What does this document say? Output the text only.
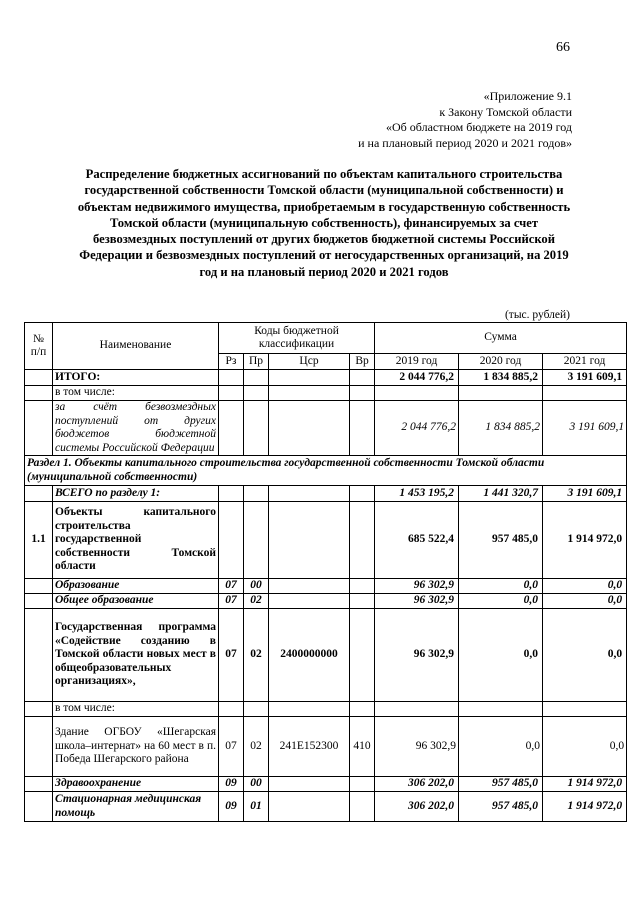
66
«Приложение 9.1
к Закону Томской области
«Об областном бюджете на 2019 год
и на плановый период 2020 и 2021 годов»
Распределение бюджетных ассигнований по объектам капитального строительства государственной собственности Томской области (муниципальной собственности) и объектам недвижимого имущества, приобретаемым в государственную собственность Томской области (муниципальную собственность), финансируемых за счет безвозмездных поступлений от других бюджетов бюджетной системы Российской Федерации и безвозмездных поступлений от негосударственных организаций, на 2019 год и на плановый период 2020 и 2021 годов
(тыс. рублей)
№ п/п	Наименование	Коды бюджетной классификации				Сумма		
		Рз	Пр	Цср	Вр	2019 год	2020 год	2021 год
	ИТОГО:					2 044 776,2	1 834 885,2	3 191 609,1
	в том числе:							
	за счёт безвозмездных поступлений от других бюджетов бюджетной системы Российской Федерации					2 044 776,2	1 834 885,2	3 191 609,1
Раздел 1. Объекты капитального строительства государственной собственности Томской области (муниципальной собственности)								
	ВСЕГО по разделу 1:					1 453 195,2	1 441 320,7	3 191 609,1
1.1	Объекты капитального строительства государственной собственности Томской области					685 522,4	957 485,0	1 914 972,0
	Образование	07	00			96 302,9	0,0	0,0
	Общее образование	07	02			96 302,9	0,0	0,0
	Государственная программа «Содействие созданию в Томской области новых мест в общеобразовательных организациях»,	07	02	2400000000		96 302,9	0,0	0,0
	в том числе:							
	Здание ОГБОУ «Шегарская школа–интернат» на 60 мест в п. Победа Шегарского района	07	02	241E152300	410	96 302,9	0,0	0,0
	Здравоохранение	09	00			306 202,0	957 485,0	1 914 972,0
	Стационарная медицинская помощь	09	01			306 202,0	957 485,0	1 914 972,0
